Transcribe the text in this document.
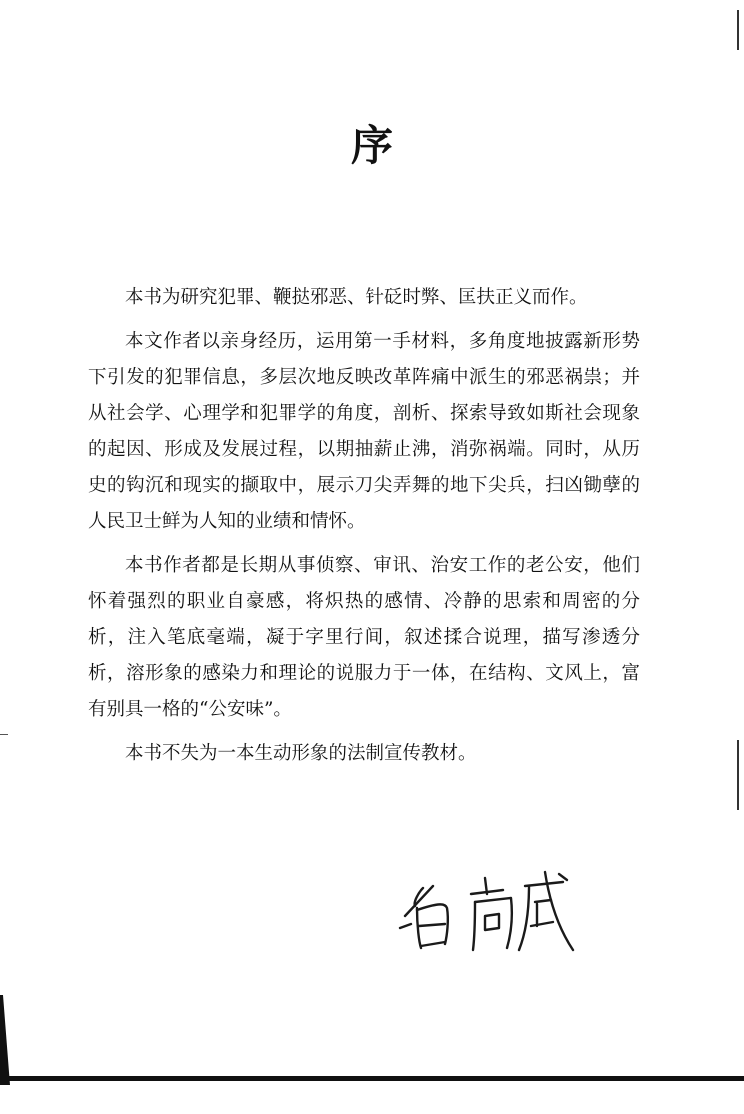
序

本书为研究犯罪、鞭挞邪恶、针砭时弊、匡扶正义而作。

本文作者以亲身经历，运用第一手材料，多角度地披露新形势下引发的犯罪信息，多层次地反映改革阵痛中派生的邪恶祸祟；并从社会学、心理学和犯罪学的角度，剖析、探索导致如斯社会现象的起因、形成及发展过程，以期抽薪止沸，消弥祸端。同时，从历史的钩沉和现实的撷取中，展示刀尖弄舞的地下尖兵，扫凶锄孽的人民卫士鲜为人知的业绩和情怀。

本书作者都是长期从事侦察、审讯、治安工作的老公安，他们怀着强烈的职业自豪感，将炽热的感情、冷静的思索和周密的分析，注入笔底毫端，凝于字里行间，叙述揉合说理，描写渗透分析，溶形象的感染力和理论的说服力于一体，在结构、文风上，富有别具一格的“公安味”。

本书不失为一本生动形象的法制宣传教材。
